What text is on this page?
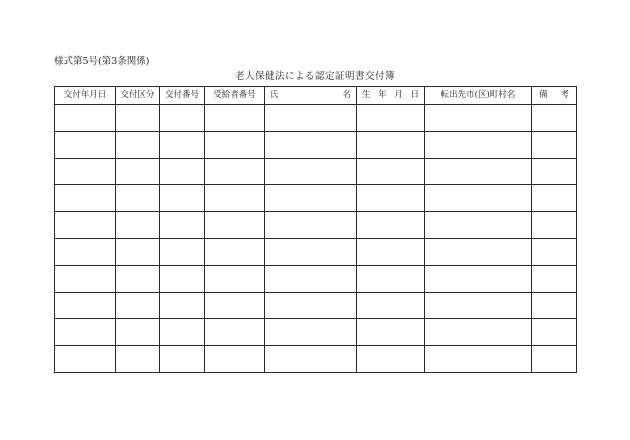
様式第5号(第3条関係)
老人保健法による認定証明書交付簿
交付年月日	交付区分	交付番号	受給者番号	氏 名	生 年 月 日	転出先市(区)町村名	備 考
